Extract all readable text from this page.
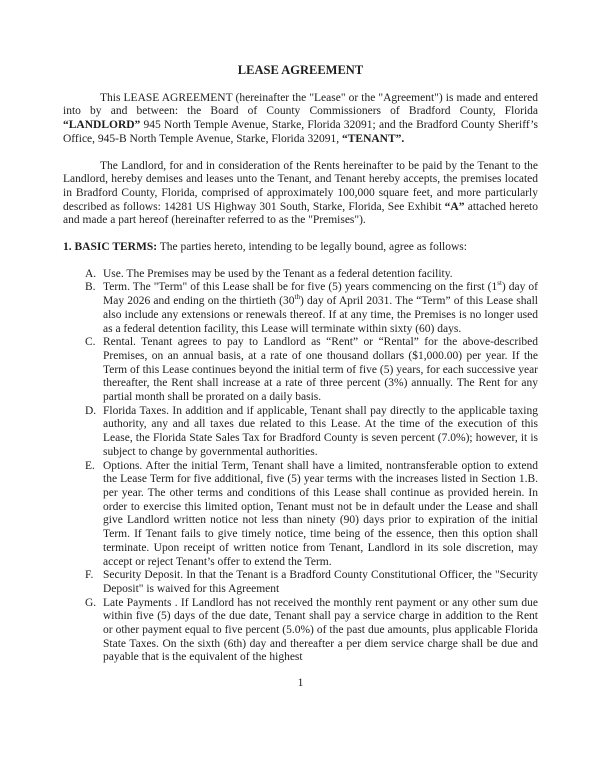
LEASE AGREEMENT

This LEASE AGREEMENT (hereinafter the "Lease" or the "Agreement") is made and entered into by and between: the Board of County Commissioners of Bradford County, Florida “LANDLORD” 945 North Temple Avenue, Starke, Florida 32091; and the Bradford County Sheriff’s Office, 945-B North Temple Avenue, Starke, Florida 32091, “TENANT”.

The Landlord, for and in consideration of the Rents hereinafter to be paid by the Tenant to the Landlord, hereby demises and leases unto the Tenant, and Tenant hereby accepts, the premises located in Bradford County, Florida, comprised of approximately 100,000 square feet, and more particularly described as follows: 14281 US Highway 301 South, Starke, Florida, See Exhibit “A” attached hereto and made a part hereof (hereinafter referred to as the "Premises").

1. BASIC TERMS: The parties hereto, intending to be legally bound, agree as follows:

A. Use. The Premises may be used by the Tenant as a federal detention facility.
B. Term. The "Term" of this Lease shall be for five (5) years commencing on the first (1st) day of May 2026 and ending on the thirtieth (30th) day of April 2031. The “Term” of this Lease shall also include any extensions or renewals thereof. If at any time, the Premises is no longer used as a federal detention facility, this Lease will terminate within sixty (60) days.
C. Rental. Tenant agrees to pay to Landlord as “Rent” or “Rental” for the above-described Premises, on an annual basis, at a rate of one thousand dollars ($1,000.00) per year. If the Term of this Lease continues beyond the initial term of five (5) years, for each successive year thereafter, the Rent shall increase at a rate of three percent (3%) annually. The Rent for any partial month shall be prorated on a daily basis.
D. Florida Taxes. In addition and if applicable, Tenant shall pay directly to the applicable taxing authority, any and all taxes due related to this Lease. At the time of the execution of this Lease, the Florida State Sales Tax for Bradford County is seven percent (7.0%); however, it is subject to change by governmental authorities.
E. Options. After the initial Term, Tenant shall have a limited, nontransferable option to extend the Lease Term for five additional, five (5) year terms with the increases listed in Section 1.B. per year. The other terms and conditions of this Lease shall continue as provided herein. In order to exercise this limited option, Tenant must not be in default under the Lease and shall give Landlord written notice not less than ninety (90) days prior to expiration of the initial Term. If Tenant fails to give timely notice, time being of the essence, then this option shall terminate. Upon receipt of written notice from Tenant, Landlord in its sole discretion, may accept or reject Tenant’s offer to extend the Term.
F. Security Deposit. In that the Tenant is a Bradford County Constitutional Officer, the "Security Deposit" is waived for this Agreement
G. Late Payments . If Landlord has not received the monthly rent payment or any other sum due within five (5) days of the due date, Tenant shall pay a service charge in addition to the Rent or other payment equal to five percent (5.0%) of the past due amounts, plus applicable Florida State Taxes. On the sixth (6th) day and thereafter a per diem service charge shall be due and payable that is the equivalent of the highest
1
